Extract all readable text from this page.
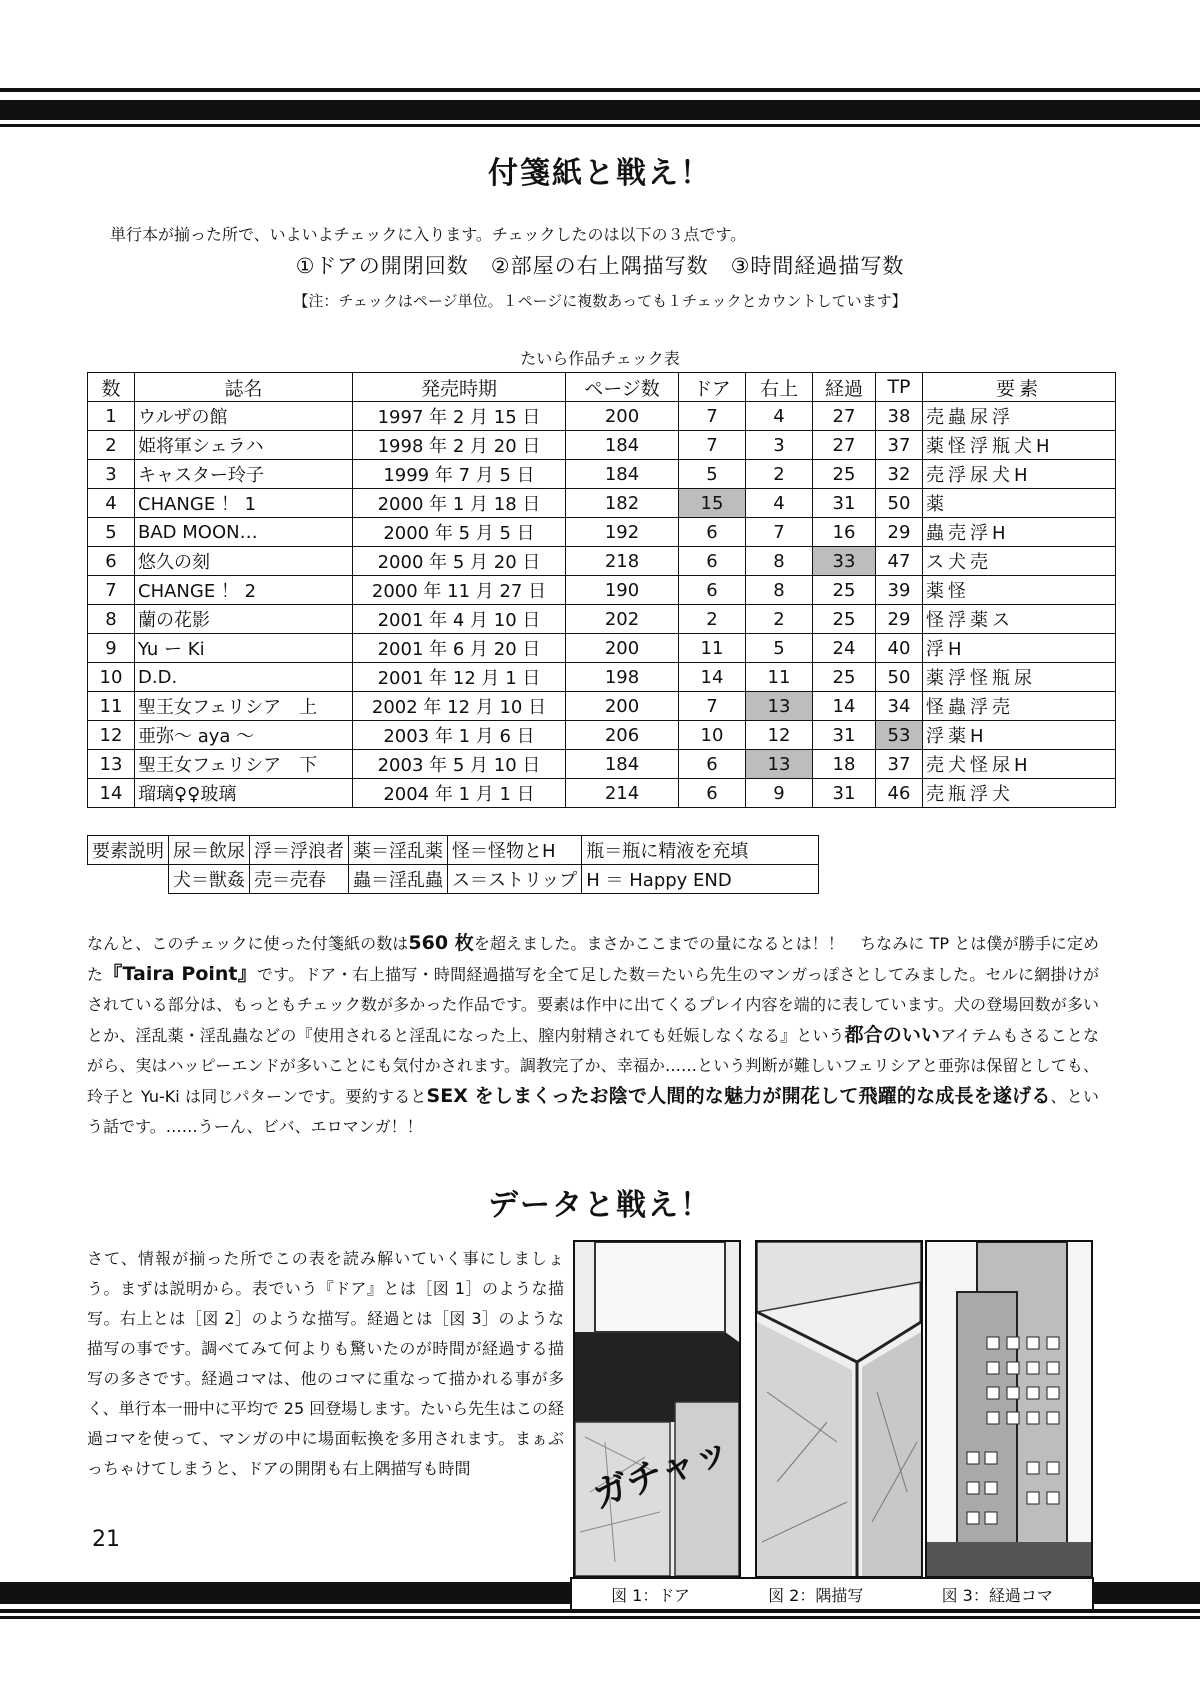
付箋紙と戦え！
単行本が揃った所で、いよいよチェックに入ります。チェックしたのは以下の３点です。
①ドアの開閉回数　②部屋の右上隅描写数　③時間経過描写数
【注：チェックはページ単位。１ページに複数あっても１チェックとカウントしています】
たいら作品チェック表
数	誌名	発売時期	ページ数	ドア	右上	経過	TP	要素
1	ウルザの館	1997 年 2 月 15 日	200	7	4	27	38	売蟲尿浮
2	姫将軍シェラハ	1998 年 2 月 20 日	184	7	3	27	37	薬怪浮瓶犬H
3	キャスター玲子	1999 年 7 月 5 日	184	5	2	25	32	売浮尿犬H
4	CHANGE ！ 1	2000 年 1 月 18 日	182	15	4	31	50	薬
5	BAD MOON…	2000 年 5 月 5 日	192	6	7	16	29	蟲売浮H
6	悠久の刻	2000 年 5 月 20 日	218	6	8	33	47	ス犬売
7	CHANGE ！ 2	2000 年 11 月 27 日	190	6	8	25	39	薬怪
8	蘭の花影	2001 年 4 月 10 日	202	2	2	25	29	怪浮薬ス
9	Yu ー Ki	2001 年 6 月 20 日	200	11	5	24	40	浮H
10	D.D.	2001 年 12 月 1 日	198	14	11	25	50	薬浮怪瓶尿
11	聖王女フェリシア　上	2002 年 12 月 10 日	200	7	13	14	34	怪蟲浮売
12	亜弥～ aya ～	2003 年 1 月 6 日	206	10	12	31	53	浮薬H
13	聖王女フェリシア　下	2003 年 5 月 10 日	184	6	13	18	37	売犬怪尿H
14	瑠璃♀♀玻璃	2004 年 1 月 1 日	214	6	9	31	46	売瓶浮犬
要素説明	尿＝飲尿	浮＝浮浪者	薬＝淫乱薬	怪＝怪物とH	瓶＝瓶に精液を充填
	犬＝獣姦	売＝売春	蟲＝淫乱蟲	ス＝ストリップ	H ＝ Happy END
なんと、このチェックに使った付箋紙の数は560 枚を超えました。まさかここまでの量になるとは！！　ちなみに TP とは僕が勝手に定めた『Taira Point』です。ドア・右上描写・時間経過描写を全て足した数＝たいら先生のマンガっぽさとしてみました。セルに網掛けがされている部分は、もっともチェック数が多かった作品です。要素は作中に出てくるプレイ内容を端的に表しています。犬の登場回数が多いとか、淫乱薬・淫乱蟲などの『使用されると淫乱になった上、膣内射精されても妊娠しなくなる』という都合のいいアイテムもさることながら、実はハッピーエンドが多いことにも気付かされます。調教完了か、幸福か……という判断が難しいフェリシアと亜弥は保留としても、玲子と Yu-Ki は同じパターンです。要約するとSEX をしまくったお陰で人間的な魅力が開花して飛躍的な成長を遂げる、という話です。……うーん、ビバ、エロマンガ！！
データと戦え！
さて、情報が揃った所でこの表を読み解いていく事にしましょう。まずは説明から。表でいう『ドア』とは［図 1］のような描写。右上とは［図 2］のような描写。経過とは［図 3］のような描写の事です。調べてみて何よりも驚いたのが時間が経過する描写の多さです。経過コマは、他のコマに重なって描かれる事が多く、単行本一冊中に平均で 25 回登場します。たいら先生はこの経過コマを使って、マンガの中に場面転換を多用されます。まぁぶっちゃけてしまうと、ドアの開閉も右上隅描写も時間
21
ガチャッ
図 1：ドア	図 2：隅描写	図 3：経過コマ
